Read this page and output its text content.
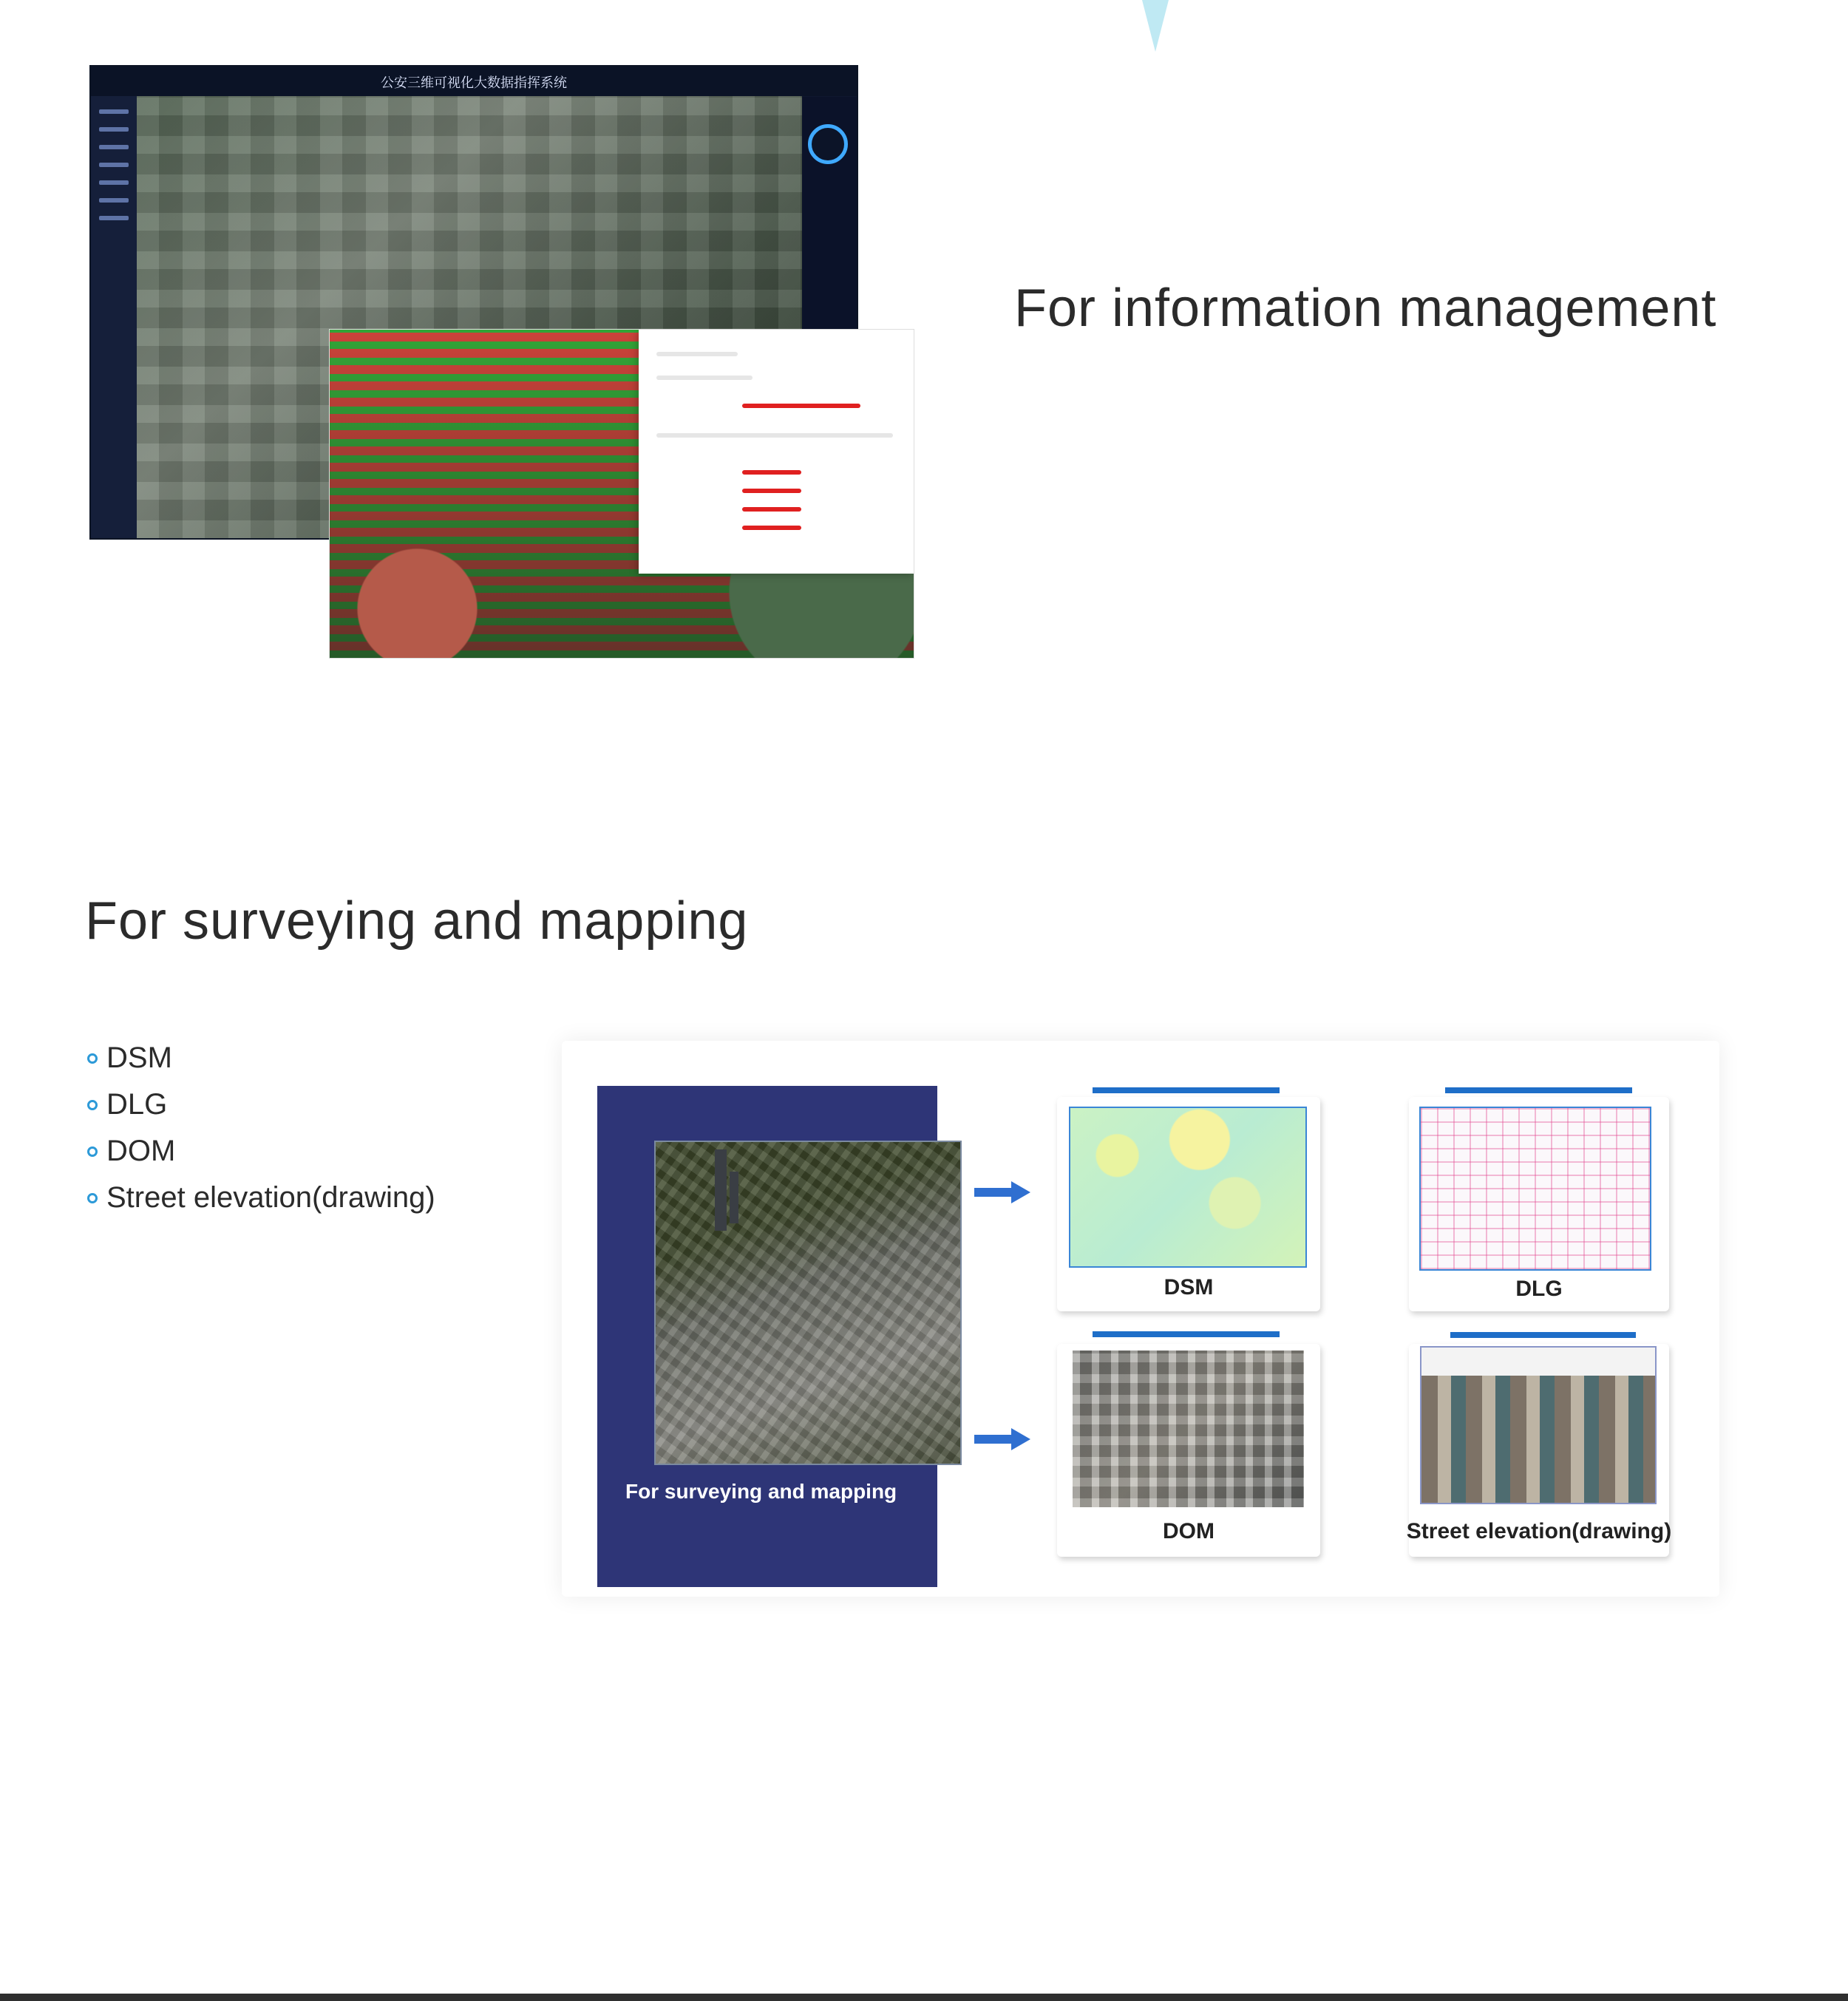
公安三维可视化大数据指挥系统
For information management
For surveying and mapping
DSM
DLG
DOM
Street elevation(drawing)
For surveying and mapping
DSM	DLG
DOM	Street elevation(drawing)
